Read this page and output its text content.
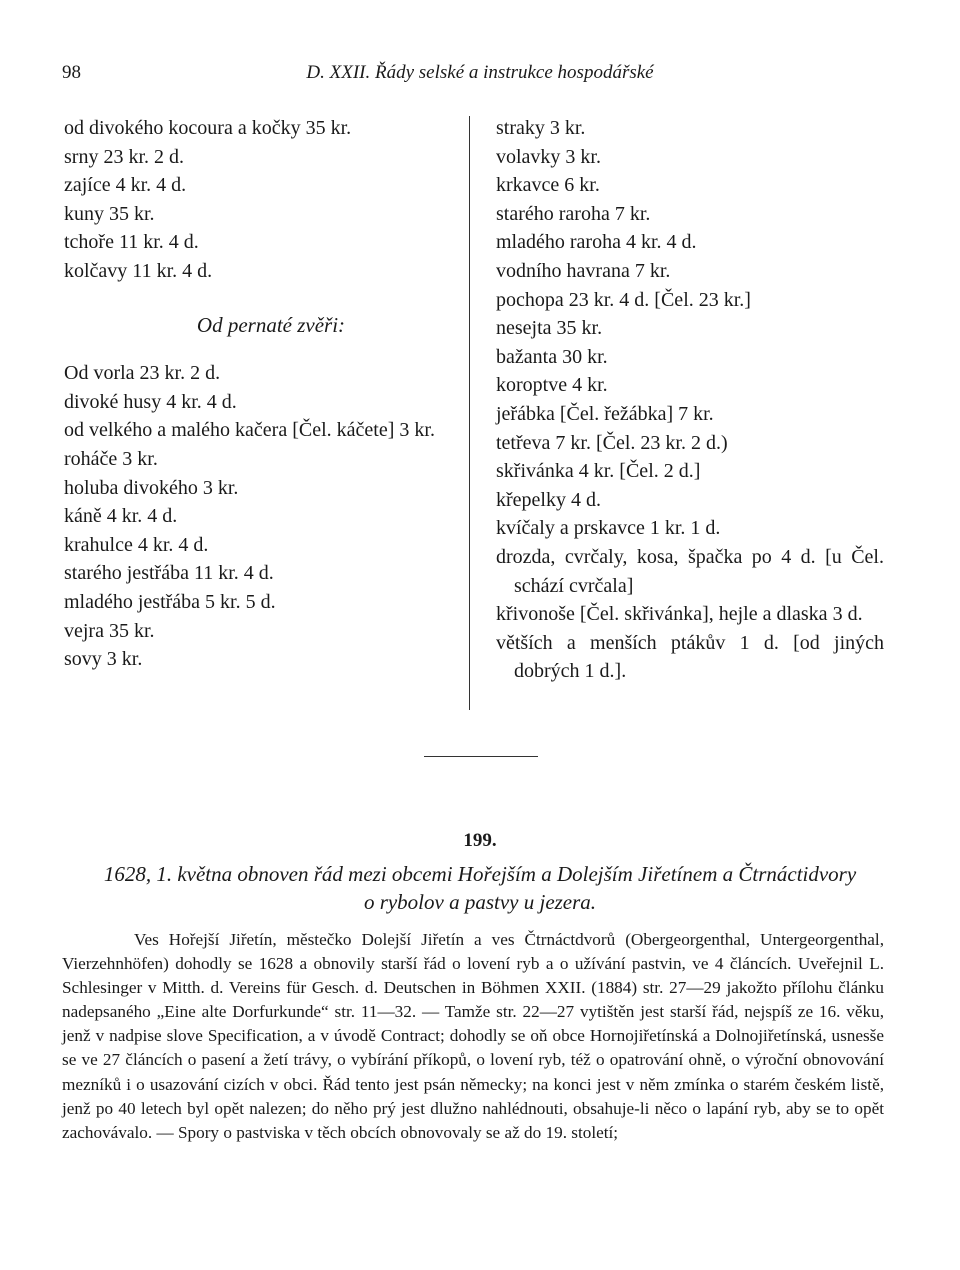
98	D. XXII. Řády selské a instrukce hospodářské
od divokého kocoura a kočky 35 kr.
srny 23 kr. 2 d.
zajíce 4 kr. 4 d.
kuny 35 kr.
tchoře 11 kr. 4 d.
kolčavy 11 kr. 4 d.
Od pernaté zvěři:
Od vorla 23 kr. 2 d.
divoké husy 4 kr. 4 d.
od velkého a malého kačera [Čel. káčete] 3 kr.
roháče 3 kr.
holuba divokého 3 kr.
káně 4 kr. 4 d.
krahulce 4 kr. 4 d.
starého jestřába 11 kr. 4 d.
mladého jestřába 5 kr. 5 d.
vejra 35 kr.
sovy 3 kr.
straky 3 kr.
volavky 3 kr.
krkavce 6 kr.
starého raroha 7 kr.
mladého raroha 4 kr. 4 d.
vodního havrana 7 kr.
pochopa 23 kr. 4 d. [Čel. 23 kr.]
nesejta 35 kr.
bažanta 30 kr.
koroptve 4 kr.
jeřábka [Čel. řežábka] 7 kr.
tetřeva 7 kr. [Čel. 23 kr. 2 d.)
skřivánka 4 kr. [Čel. 2 d.]
křepelky 4 d.
kvíčaly a prskavce 1 kr. 1 d.
drozda, cvrčaly, kosa, špačka po 4 d. [u Čel. schází cvrčala]
křivonoše [Čel. skřivánka], hejle a dlaska 3 d.
větších a menších ptákův 1 d. [od jiných dobrých 1 d.].
199.
1628, 1. května obnoven řád mezi obcemi Hořejším a Dolejším Jiřetínem a Čtrnáctidvory o rybolov a pastvy u jezera.
Ves Hořejší Jiřetín, městečko Dolejší Jiřetín a ves Čtrnáctdvorů (Obergeorgenthal, Untergeorgenthal, Vierzehnhöfen) dohodly se 1628 a obnovily starší řád o lovení ryb a o užívání pastvin, ve 4 článcích. Uveřejnil L. Schlesinger v Mitth. d. Vereins für Gesch. d. Deutschen in Böhmen XXII. (1884) str. 27—29 jakožto přílohu článku nadepsaného „Eine alte Dorfurkunde“ str. 11—32. — Tamže str. 22—27 vytištěn jest starší řád, nejspíš ze 16. věku, jenž v nadpise slove Specification, a v úvodě Contract; dohodly se oň obce Hornojiřetínská a Dolnojiřetínská, usnesše se ve 27 článcích o pasení a žetí trávy, o vybírání příkopů, o lovení ryb, též o opatrování ohně, o výroční obnovování mezníků i o usazování cizích v obci. Řád tento jest psán německy; na konci jest v něm zmínka o starém českém listě, jenž po 40 letech byl opět nalezen; do něho prý jest dlužno nahlédnouti, obsahuje-li něco o lapání ryb, aby se to opět zachovávalo. — Spory o pastviska v těch obcích obnovovaly se až do 19. století;
